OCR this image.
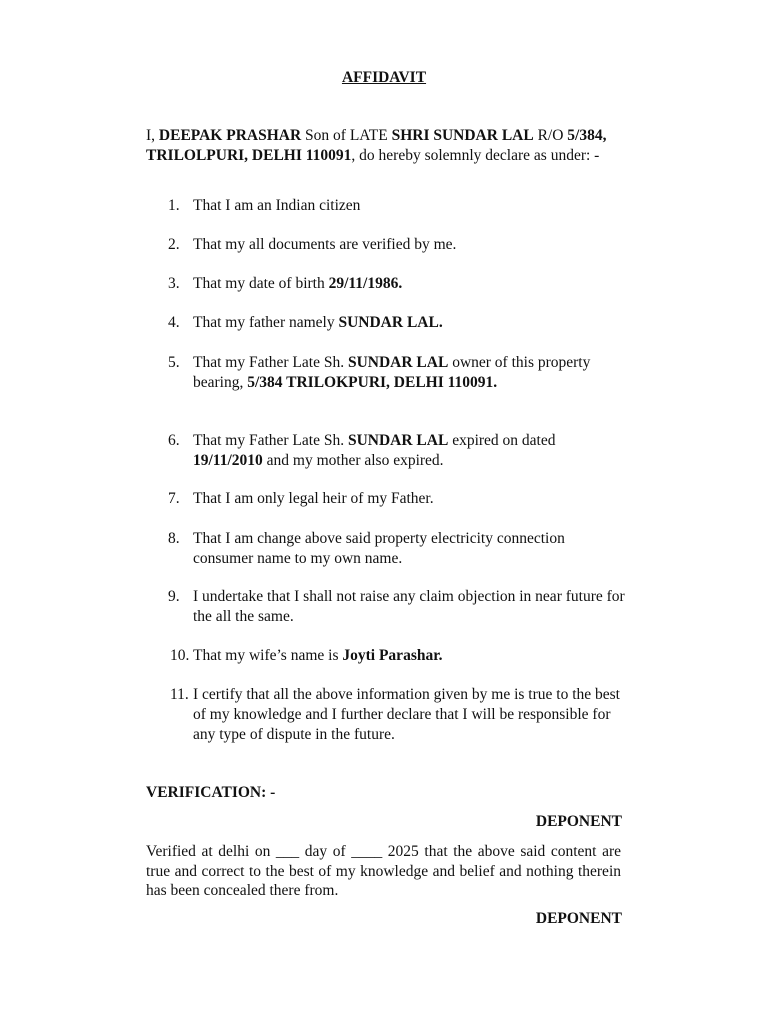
AFFIDAVIT
I, DEEPAK PRASHAR Son of LATE SHRI SUNDAR LAL R/O 5/384, TRILOLPURI, DELHI 110091, do hereby solemnly declare as under: -
1. That I am an Indian citizen
2. That my all documents are verified by me.
3. That my date of birth 29/11/1986.
4. That my father namely SUNDAR LAL.
5. That my Father Late Sh. SUNDAR LAL owner of this property bearing, 5/384 TRILOKPURI, DELHI 110091.
6. That my Father Late Sh. SUNDAR LAL expired on dated 19/11/2010 and my mother also expired.
7. That I am only legal heir of my Father.
8. That I am change above said property electricity connection consumer name to my own name.
9. I undertake that I shall not raise any claim objection in near future for the all the same.
10. That my wife’s name is Joyti Parashar.
11. I certify that all the above information given by me is true to the best of my knowledge and I further declare that I will be responsible for any type of dispute in the future.
VERIFICATION: -
DEPONENT
Verified at delhi on ___ day of ____ 2025 that the above said content are true and correct to the best of my knowledge and belief and nothing therein has been concealed there from.
DEPONENT
